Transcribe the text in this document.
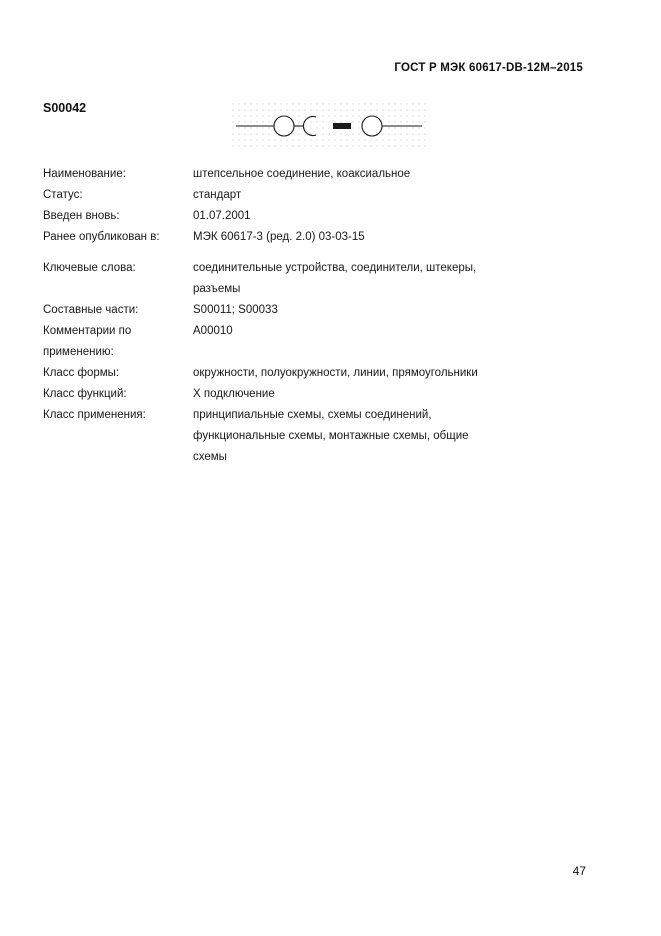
ГОСТ Р МЭК 60617-DB-12M–2015
S00042
Наименование:	штепсельное соединение, коаксиальное
Статус:	стандарт
Введен вновь:	01.07.2001
Ранее опубликован в:	МЭК 60617-3 (ред. 2.0) 03-03-15
Ключевые слова:	соединительные устройства, соединители, штекеры,
разъемы
Составные части:	S00011; S00033
Комментарии по
применению:
A00010
Класс формы:	окружности, полуокружности, линии, прямоугольники
Класс функций:	X подключение
Класс применения:	принципиальные схемы, схемы соединений,
функциональные схемы, монтажные схемы, общие
схемы
47
